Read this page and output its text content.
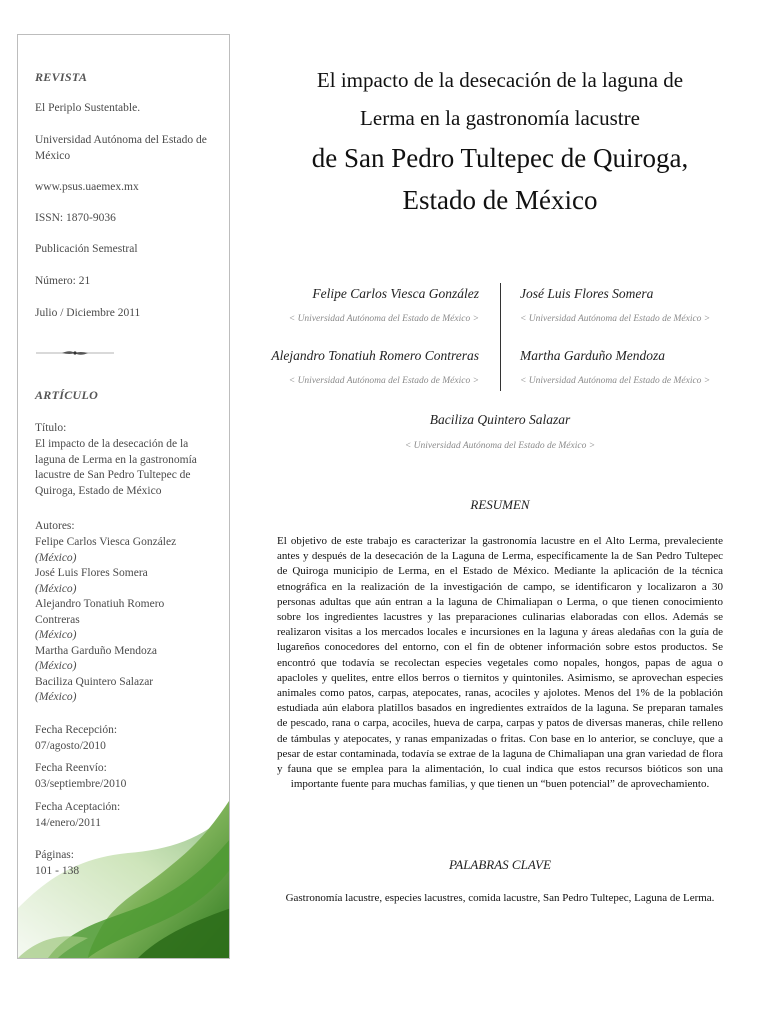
REVISTA
El Periplo Sustentable.
Universidad Autónoma del Estado de México
www.psus.uaemex.mx
ISSN: 1870-9036
Publicación Semestral
Número: 21
Julio / Diciembre 2011
ARTÍCULO
Título:
El impacto de la desecación de la laguna de Lerma en la gastronomía lacustre de San Pedro Tultepec de Quiroga, Estado de México
Autores:
Felipe Carlos Viesca González
(México)
José Luis Flores Somera
(México)
Alejandro Tonatiuh Romero Contreras
(México)
Martha Garduño Mendoza
(México)
Baciliza Quintero Salazar
(México)
Fecha Recepción:
07/agosto/2010
Fecha Reenvío:
03/septiembre/2010
Fecha Aceptación:
14/enero/2011
Páginas:
101 - 138
El impacto de la desecación de la laguna de
Lerma en la gastronomía lacustre
de San Pedro Tultepec de Quiroga,
Estado de México
Felipe Carlos Viesca González
< Universidad Autónoma del Estado de México >
José Luis Flores Somera
< Universidad Autónoma del Estado de México >
Alejandro Tonatiuh Romero Contreras
< Universidad Autónoma del Estado de México >
Martha Garduño Mendoza
< Universidad Autónoma del Estado de México >
Baciliza Quintero Salazar
< Universidad Autónoma del Estado de México >
RESUMEN

El objetivo de este trabajo es caracterizar la gastronomía lacustre en el Alto Lerma, prevaleciente antes y después de la desecación de la Laguna de Lerma, específicamente la de San Pedro Tultepec de Quiroga municipio de Lerma, en el Estado de México. Mediante la aplicación de la técnica etnográfica en la realización de la investigación de campo, se identificaron y localizaron a 30 personas adultas que aún entran a la laguna de Chimaliapan o Lerma, o que tienen conocimiento sobre los ingredientes lacustres y las preparaciones culinarias elaboradas con ellos. Además se realizaron visitas a los mercados locales e incursiones en la laguna y áreas aledañas con la guía de lugareños conocedores del entorno, con el fin de obtener información sobre estos productos. Se encontró que todavía se recolectan especies vegetales como nopales, hongos, papas de agua o apacloles y quelites, entre ellos berros o tiernitos y quintoniles. Asimismo, se aprovechan especies animales como patos, carpas, atepocates, ranas, acociles y ajolotes. Menos del 1% de la población estudiada aún elabora platillos basados en ingredientes extraídos de la laguna. Se preparan tamales de pescado, rana o carpa, acociles, hueva de carpa, carpas y patos de diversas maneras, chile relleno de támbulas y atepocates, y ranas empanizadas o fritas. Con base en lo anterior, se concluye, que a pesar de estar contaminada, todavía se extrae de la laguna de Chimaliapan una gran variedad de flora y fauna que se emplea para la alimentación, lo cual indica que estos recursos bióticos son una importante fuente para muchas familias, y que tienen un “buen potencial” de aprovechamiento.

PALABRAS CLAVE

Gastronomía lacustre, especies lacustres, comida lacustre, San Pedro Tultepec, Laguna de Lerma.
